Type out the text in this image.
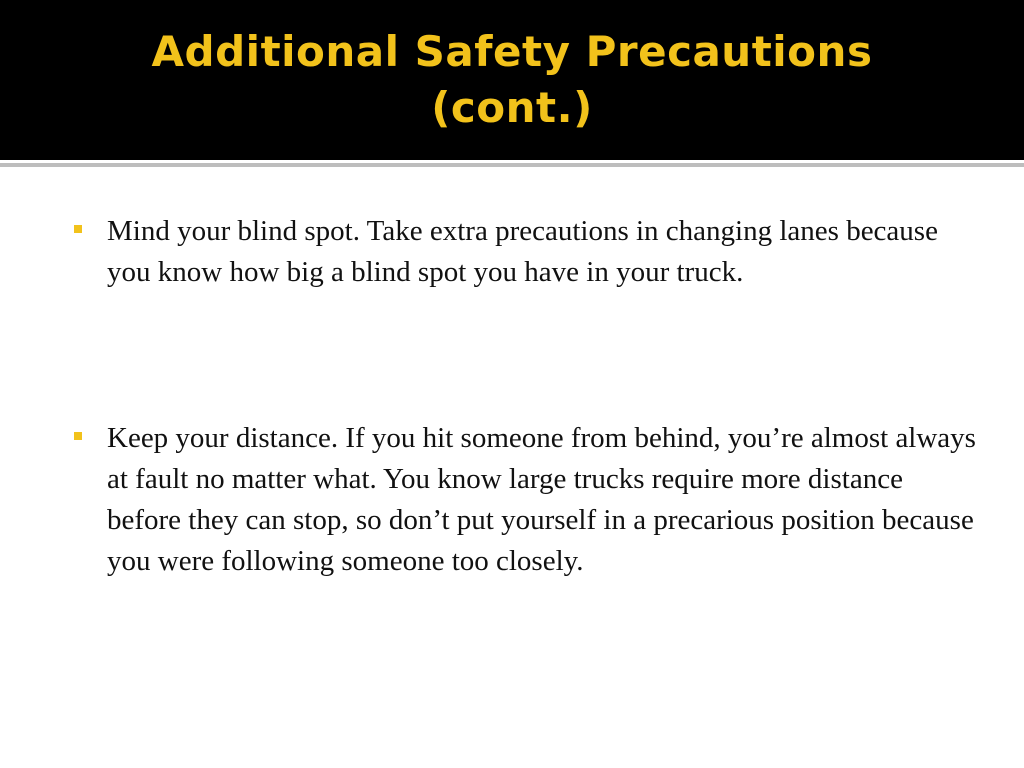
Additional Safety Precautions
(cont.)
Mind your blind spot. Take extra precautions in changing lanes because you know how big a blind spot you have in your truck.
Keep your distance. If you hit someone from behind, you’re almost always at fault no matter what. You know large trucks require more distance before they can stop, so don’t put yourself in a precarious position because you were following someone too closely.
